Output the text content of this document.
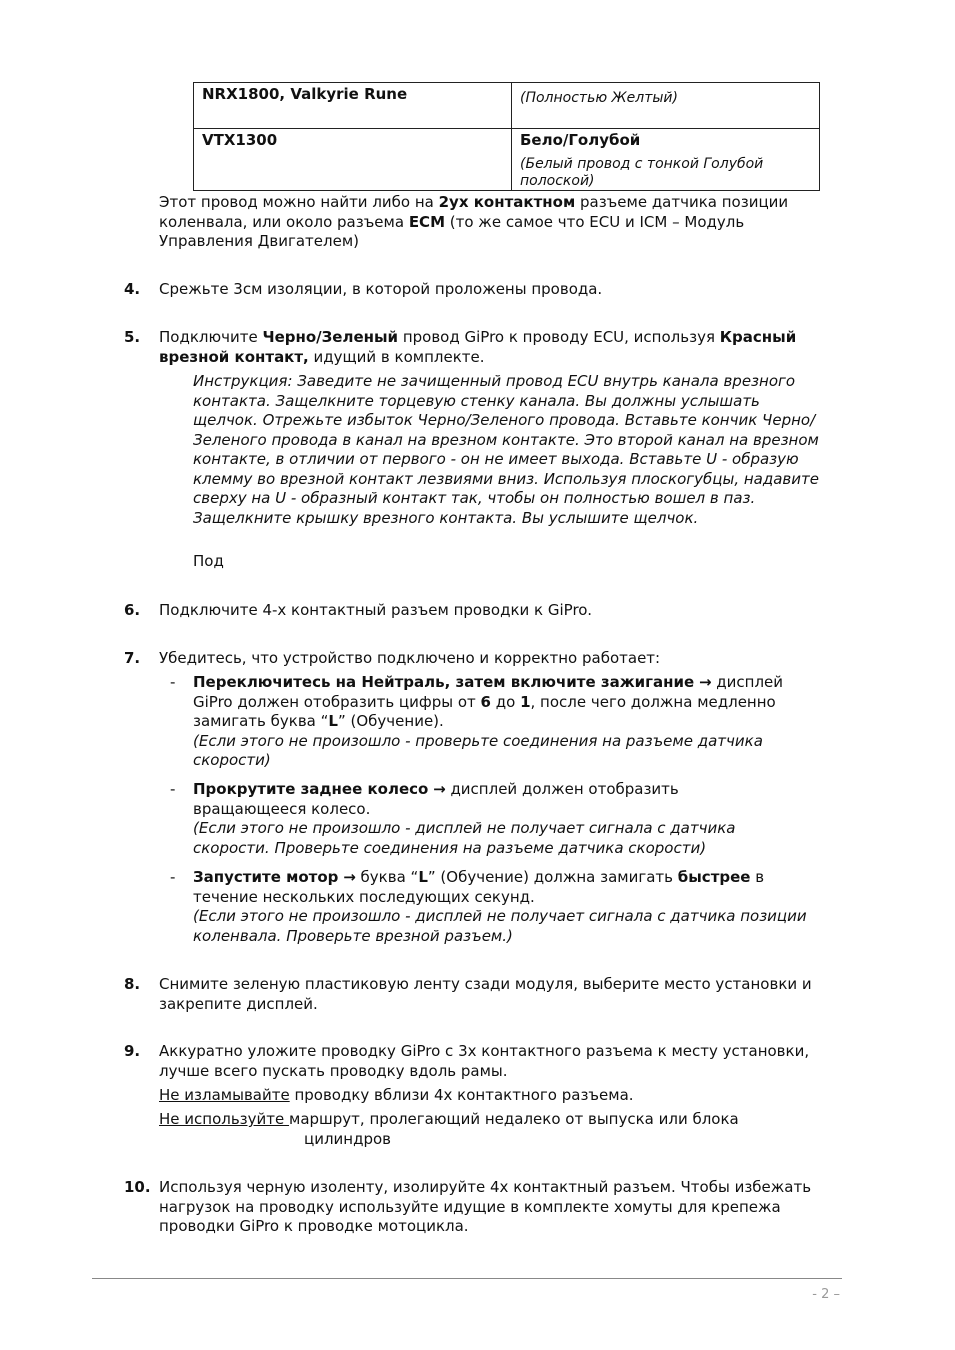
NRX1800, Valkyrie Rune	(Полностью Желтый)
VTX1300	Бело/Голубой
(Белый провод с тонкой Голубой полоской)
Этот провод можно найти либо на 2ух контактном разъеме датчика позиции коленвала, или около разъема ECM (то же самое что ECU и ICM – Модуль Управления Двигателем)
4. Срежьте 3см изоляции, в которой проложены провода.
5. Подключите Черно/Зеленый провод GiPro к проводу ECU, используя Красный врезной контакт, идущий в комплекте.
Инструкция: Заведите не зачищенный провод ECU внутрь канала врезного контакта. Защелкните торцевую стенку канала. Вы должны услышать щелчок. Отрежьте избыток Черно/Зеленого провода. Вставьте кончик Черно/Зеленого провода в канал на врезном контакте. Это второй канал на врезном контакте, в отличии от первого - он не имеет выхода. Вставьте U - образую клемму во врезной контакт лезвиями вниз. Используя плоскогубцы, надавите сверху на U - образный контакт так, чтобы он полностью вошел в паз. Защелкните крышку врезного контакта. Вы услышите щелчок.
Под
6. Подключите 4-х контактный разъем проводки к GiPro.
7. Убедитесь, что устройство подключено и корректно работает:
- Переключитесь на Нейтраль, затем включите зажигание → дисплей GiPro должен отобразить цифры от 6 до 1, после чего должна медленно замигать буква “L” (Обучение).
(Если этого не произошло - проверьте соединения на разъеме датчика скорости)
- Прокрутите заднее колесо → дисплей должен отобразить вращающееся колесо.
(Если этого не произошло - дисплей не получает сигнала с датчика скорости. Проверьте соединения на разъеме датчика скорости)
- Запустите мотор → буква “L” (Обучение) должна замигать быстрее в течение нескольких последующих секунд.
(Если этого не произошло - дисплей не получает сигнала с датчика позиции коленвала. Проверьте врезной разъем.)
8. Снимите зеленую пластиковую ленту сзади модуля, выберите место установки и закрепите дисплей.
9. Аккуратно уложите проводку GiPro с 3х контактного разъема к месту установки, лучше всего пускать проводку вдоль рамы.
Не изламывайте проводку вблизи 4х контактного разъема.
Не используйте маршрут, пролегающий недалеко от выпуска или блока
цилиндров
10. Используя черную изоленту, изолируйте 4х контактный разъем. Чтобы избежать нагрузок на проводку используйте идущие в комплекте хомуты для крепежа проводки GiPro к проводке мотоцикла.
- 2 –
